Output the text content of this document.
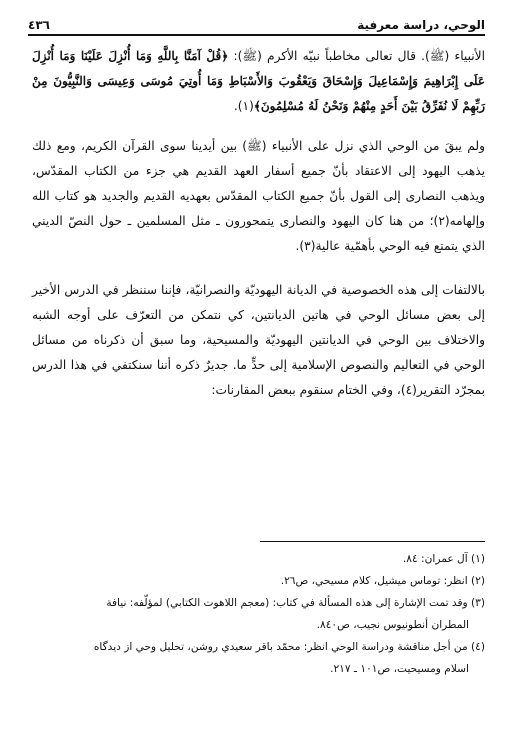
الوحي، دراسة معرفية
٤٣٦

الأنبياء (ﷺ). قال تعالى مخاطباً نبيّه الأكرم (ﷺ): ﴿قُلْ آمَنَّا بِاللَّهِ وَمَا أُنْزِلَ عَلَيْنَا وَمَا أُنْزِلَ عَلَى إِبْرَاهِيمَ وَإِسْمَاعِيلَ وَإِسْحَاقَ وَيَعْقُوبَ وَالأَسْبَاطِ وَمَا أُوتِيَ مُوسَى وَعِيسَى وَالنَّبِيُّونَ مِنْ رَبِّهِمْ لَا نُفَرِّقُ بَيْنَ أَحَدٍ مِنْهُمْ وَنَحْنُ لَهُ مُسْلِمُونَ﴾(١).

ولم يبقَ من الوحي الذي نزل على الأنبياء (ﷺ) بين أيدينا سوى القرآن الكريم، ومع ذلك يذهب اليهود إلى الاعتقاد بأنّ جميع أسفار العهد القديم هي جزء من الكتاب المقدّس، ويذهب النصارى إلى القول بأنّ جميع الكتاب المقدّس بعهديه القديم والجديد هو كتاب الله وإلهامه(٢)؛ من هنا كان اليهود والنصارى يتمحورون ـ مثل المسلمين ـ حول النصّ الديني الذي يتمتع فيه الوحي بأهمّية عالية(٣).

بالالتفات إلى هذه الخصوصية في الديانة اليهوديّة والنصرانيّة، فإننا سننظر في الدرس الأخير إلى بعض مسائل الوحي في هاتين الديانتين، كي نتمكن من التعرّف على أوجه الشبه والاختلاف بين الوحي في الديانتين اليهوديّة والمسيحية، وما سبق أن ذكرناه من مسائل الوحي في التعاليم والنصوص الإسلامية إلى حدٍّ ما. جديرٌ ذكره أننا سنكتفي في هذا الدرس بمجرّد التقرير(٤)، وفي الختام سنقوم ببعض المقارنات:

(١) آل عمران: ٨٤.

(٢) انظر: توماس ميشيل، كلام مسيحي، ص٢٦.

(٣) وقد تمت الإشارة إلى هذه المسألة في كتاب: (معجم اللاهوت الكتابي) لمؤلّفه: نيافة
المطران أنطونيوس نجيب، ص٨٤٠.

(٤) من أجل مناقشة ودراسة الوحي انظر: محمّد باقر سعيدي روشن، تحليل وحي از ديدگاه
اسلام ومسيحيت، ص١٠١ ـ ٢١٧.
